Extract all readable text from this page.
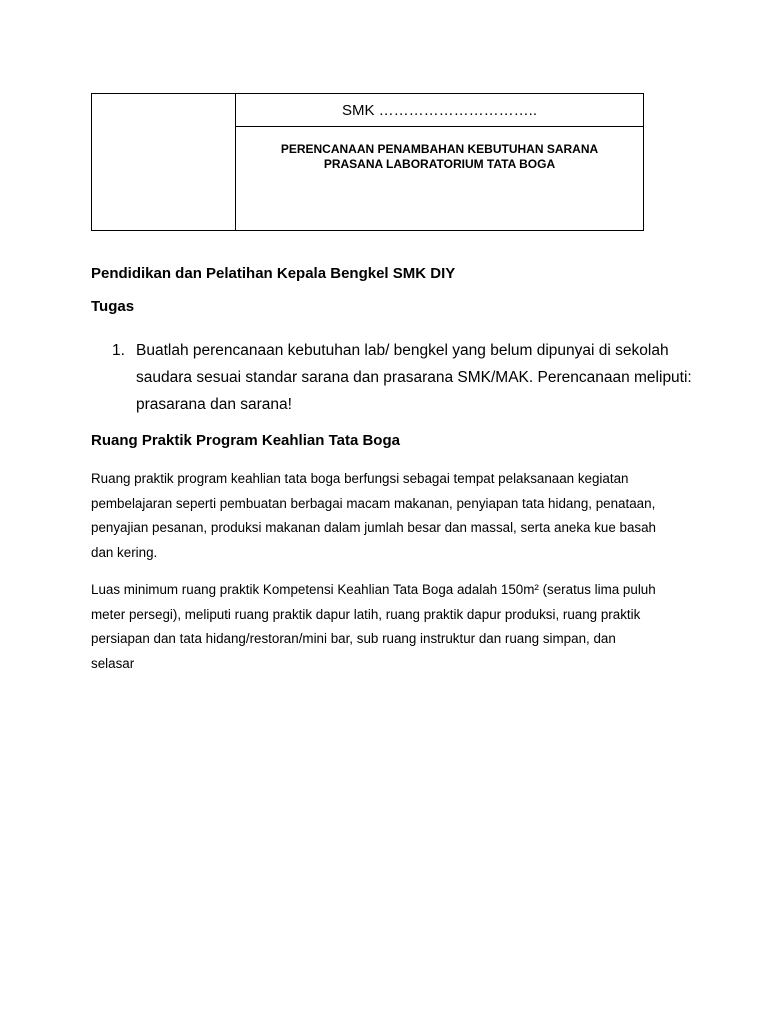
SMK …………………………..
PERENCANAAN PENAMBAHAN KEBUTUHAN SARANA
PRASANA LABORATORIUM TATA BOGA
Pendidikan dan Pelatihan Kepala Bengkel SMK DIY
Tugas
1. Buatlah perencanaan kebutuhan lab/ bengkel yang belum dipunyai di sekolah
saudara sesuai standar sarana dan prasarana SMK/MAK. Perencanaan meliputi:
prasarana dan sarana!
Ruang Praktik Program Keahlian Tata Boga
Ruang praktik program keahlian tata boga berfungsi sebagai tempat pelaksanaan kegiatan
pembelajaran seperti pembuatan berbagai macam makanan, penyiapan tata hidang, penataan,
penyajian pesanan, produksi makanan dalam jumlah besar dan massal, serta aneka kue basah
dan kering.
Luas minimum ruang praktik Kompetensi Keahlian Tata Boga adalah 150m² (seratus lima puluh
meter persegi), meliputi ruang praktik dapur latih, ruang praktik dapur produksi, ruang praktik
persiapan dan tata hidang/restoran/mini bar, sub ruang instruktur dan ruang simpan, dan
selasar
